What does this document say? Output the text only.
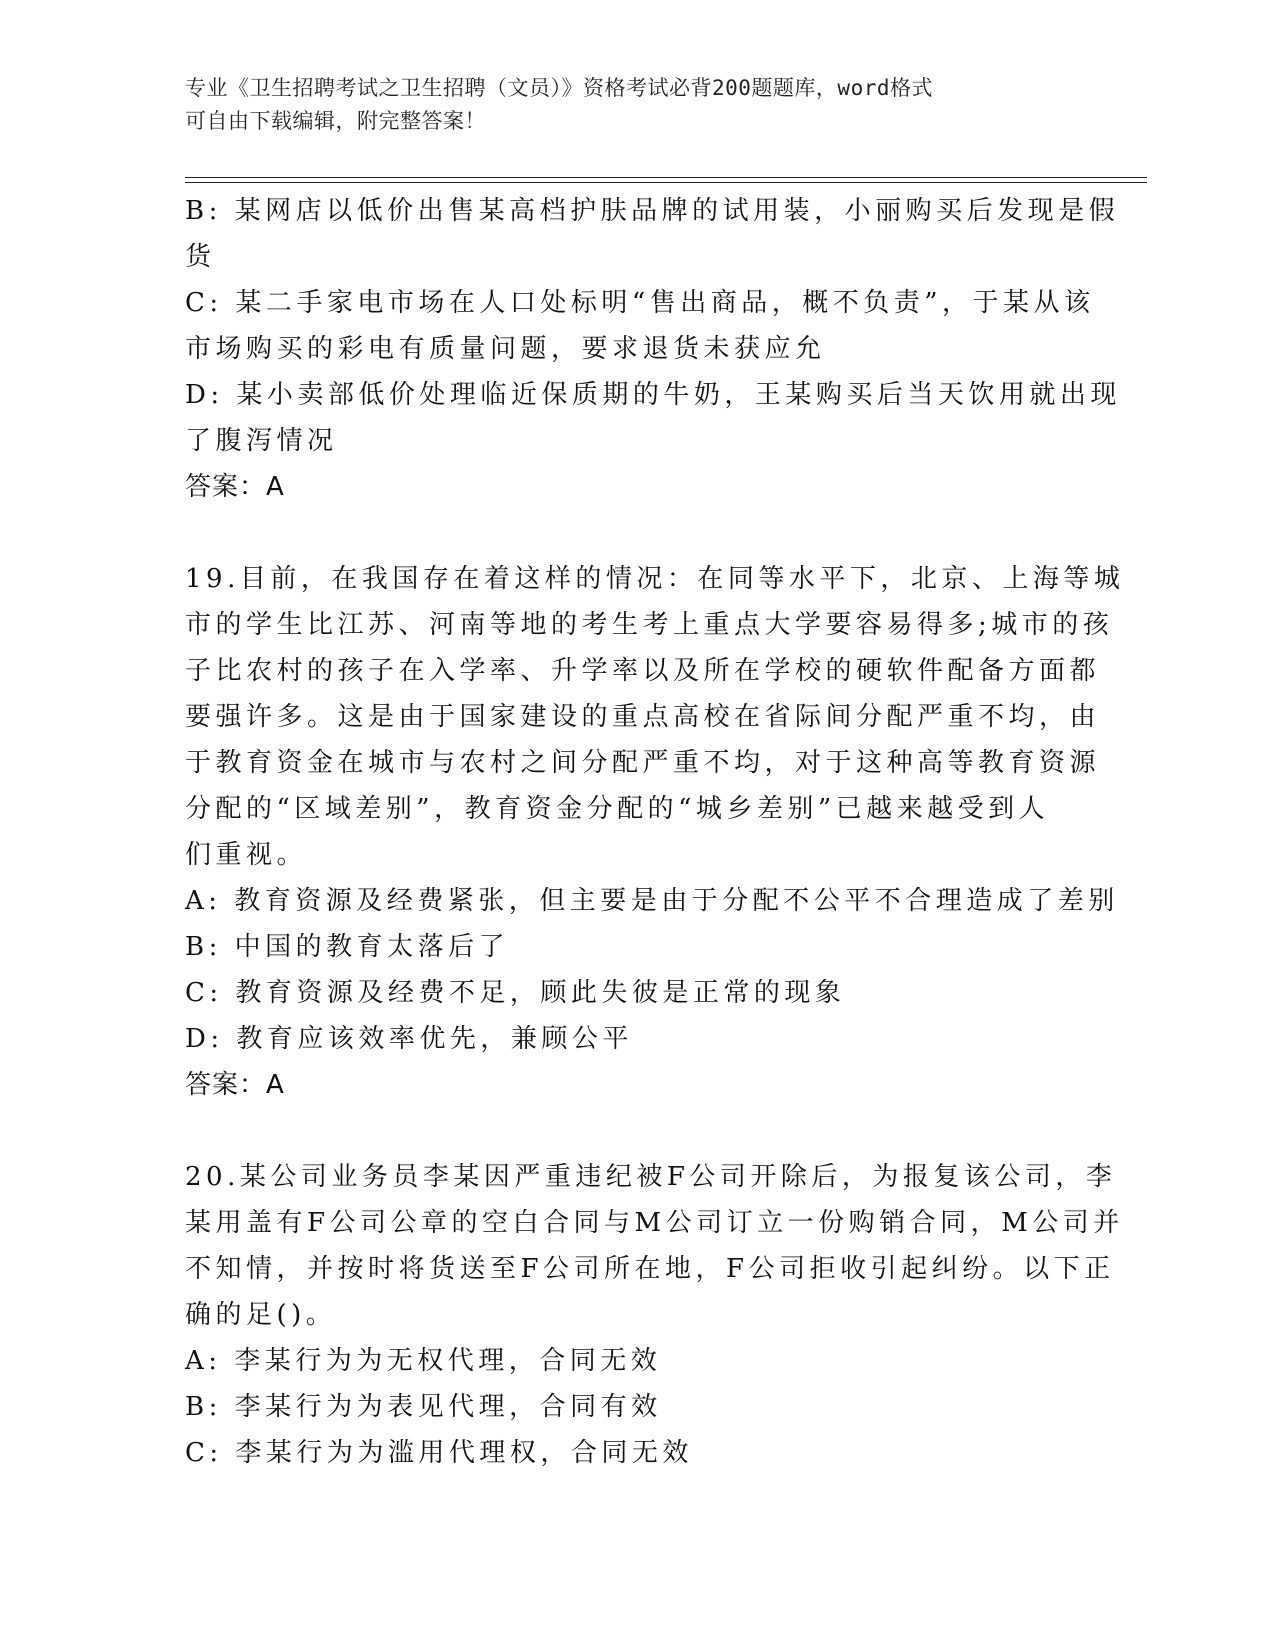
专业《卫生招聘考试之卫生招聘（文员）》资格考试必背200题题库，word格式
可自由下载编辑，附完整答案！
B: 某网店以低价出售某高档护肤品牌的试用装，小丽购买后发现是假
货
C: 某二手家电市场在人口处标明“售出商品，概不负责”，于某从该
市场购买的彩电有质量问题，要求退货未获应允
D: 某小卖部低价处理临近保质期的牛奶，王某购买后当天饮用就出现
了腹泻情况
答案：A
19.目前，在我国存在着这样的情况：在同等水平下，北京、上海等城
市的学生比江苏、河南等地的考生考上重点大学要容易得多;城市的孩
子比农村的孩子在入学率、升学率以及所在学校的硬软件配备方面都
要强许多。这是由于国家建设的重点高校在省际间分配严重不均，由
于教育资金在城市与农村之间分配严重不均，对于这种高等教育资源
分配的“区域差别”，教育资金分配的“城乡差别”已越来越受到人
们重视。
A: 教育资源及经费紧张，但主要是由于分配不公平不合理造成了差别
B: 中国的教育太落后了
C: 教育资源及经费不足，顾此失彼是正常的现象
D: 教育应该效率优先，兼顾公平
答案：A
20.某公司业务员李某因严重违纪被F公司开除后，为报复该公司，李
某用盖有F公司公章的空白合同与M公司订立一份购销合同，M公司并
不知情，并按时将货送至F公司所在地，F公司拒收引起纠纷。以下正
确的足()。
A: 李某行为为无权代理，合同无效
B: 李某行为为表见代理，合同有效
C: 李某行为为滥用代理权，合同无效
